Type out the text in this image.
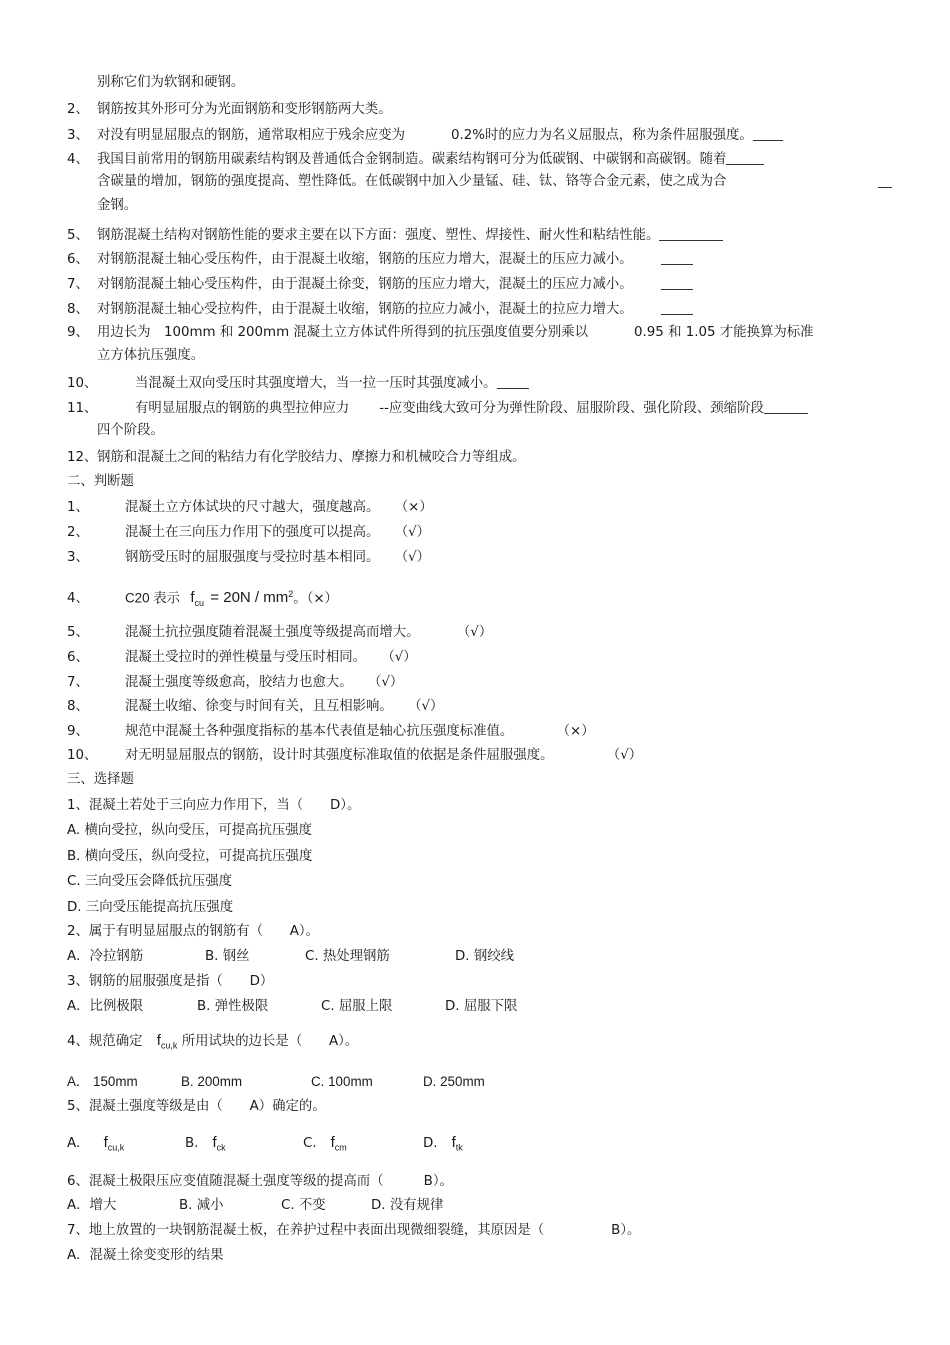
别称它们为软钢和硬钢。
2、 钢筋按其外形可分为光面钢筋和变形钢筋两大类。
3、 对没有明显屈服点的钢筋，通常取相应于残余应变为	0.2%时的应力为名义屈服点，称为条件屈服强度。
4、 我国目前常用的钢筋用碳素结构钢及普通低合金钢制造。碳素结构钢可分为低碳钢、中碳钢和高碳钢。随着
含碳量的增加，钢筋的强度提高、塑性降低。在低碳钢中加入少量锰、硅、钛、铬等合金元素，使之成为合
金钢。
5、 钢筋混凝土结构对钢筋性能的要求主要在以下方面：强度、塑性、焊接性、耐火性和粘结性能。
6、 对钢筋混凝土轴心受压构件，由于混凝土收缩，钢筋的压应力增大，混凝土的压应力减小。
7、 对钢筋混凝土轴心受压构件，由于混凝土徐变，钢筋的压应力增大，混凝土的压应力减小。
8、 对钢筋混凝土轴心受拉构件，由于混凝土收缩，钢筋的拉应力减小，混凝土的拉应力增大。
9、 用边长为　100mm 和 200mm 混凝土立方体试件所得到的抗压强度值要分别乘以	0.95 和 1.05 才能换算为标准
立方体抗压强度。
10、	当混凝土双向受压时其强度增大，当一拉一压时其强度减小。
11、	有明显屈服点的钢筋的典型拉伸应力 --应变曲线大致可分为弹性阶段、屈服阶段、强化阶段、颈缩阶段
四个阶段。
12、钢筋和混凝土之间的粘结力有化学胶结力、摩擦力和机械咬合力等组成。
二、判断题
1、	混凝土立方体试块的尺寸越大，强度越高。 （×）
2、	混凝土在三向压力作用下的强度可以提高。 （√）
3、	钢筋受压时的屈服强度与受拉时基本相同。 （√）
4、	C20 表示 $f_{cu} = 20N / mm^2$。（×）
5、	混凝土抗拉强度随着混凝土强度等级提高而增大。	（√）
6、	混凝土受拉时的弹性模量与受压时相同。 （√）
7、	混凝土强度等级愈高，胶结力也愈大。 （√）
8、	混凝土收缩、徐变与时间有关，且互相影响。 （√）
9、	规范中混凝土各种强度指标的基本代表值是轴心抗压强度标准值。	（×）
10、 对无明显屈服点的钢筋，设计时其强度标准取值的依据是条件屈服强度。	（√）
三、选择题
1、混凝土若处于三向应力作用下，当（　　D）。
A. 横向受拉，纵向受压，可提高抗压强度
B. 横向受压，纵向受拉，可提高抗压强度
C. 三向受压会降低抗压强度
D. 三向受压能提高抗压强度
2、属于有明显屈服点的钢筋有（　　A）。
A．冷拉钢筋	B. 钢丝	C. 热处理钢筋	D. 钢绞线
3、钢筋的屈服强度是指（　　D）
A．比例极限	B. 弹性极限	C. 屈服上限	D. 屈服下限
4、规范确定 $f_{cu,k}$ 所用试块的边长是（　　A）。
A． 150mm	B. 200mm	C. 100mm	D. 250mm
5、混凝土强度等级是由（　　A）确定的。
A． $f_{cu,k}$	B. $f_{ck}$	C. $f_{cm}$	D. $f_{tk}$
6、混凝土极限压应变值随混凝土强度等级的提高而（　　　B）。
A．增大	B. 减小	C. 不变	D. 没有规律
7、地上放置的一块钢筋混凝土板，在养护过程中表面出现微细裂缝，其原因是（　　　　　B）。
A．混凝土徐变变形的结果
